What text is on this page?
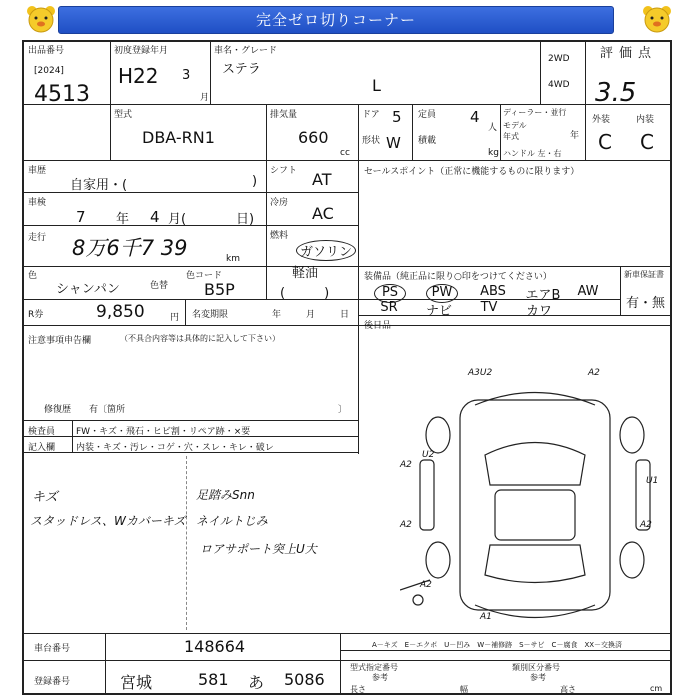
完全ゼロ切りコーナー
出品番号
[2024]
4513
初度登録年月
H22 3
月
車名・グレード
ステラ
L
2WD
4WD
評価点
3.5
外装	内装
C C
型式
DBA-RN1
排気量
660
cc
ドア 5 定員 4
人
ディーラー・並行
モデル
年式	年
形状 W 積載
kg ハンドル 左・右
車歴
自家用・(	)
シフト AT
車検
7 年 4 月(	日)
冷房
AC
走行 8万6千7 39	km
燃料
ガソリン
軽油
(　　　)
色
シャンパン	色替
色コード
B5P
R券	9,850	円 名変期限	年	月	日
セールスポイント（正常に機能するものに限ります）
装備品（純正品に限り○印をつけてください）
PS	PW	ABS	エアB	AW
SR	ナビ	TV	カワ
新車保証書
有・無
後日品
注意事項申告欄	（不具合内容等は具体的に記入して下さい）
修復歴　　有〔箇所	〕
検査員
記入欄
FW・キズ・飛石・ヒビ割・リペア跡・×要
内装・キズ・汚レ・コゲ・穴・スレ・キレ・破レ
キズ
スタッドレス、Wカバーキズ
足踏みSnn
ネイルトじみ
ロアサポート突上U大
A3U2	A2
A2
U2
U1
A2	A2
A2
A1
車台番号	148664
登録番号	宮城	581 あ 5086
A－キズ　E－エクボ　U－凹み　W－補修跡　S－サビ　C－腐食　XX－交換済
型式指定番号
参考
類別区分番号
参考
長さ	幅	高さ	cm
